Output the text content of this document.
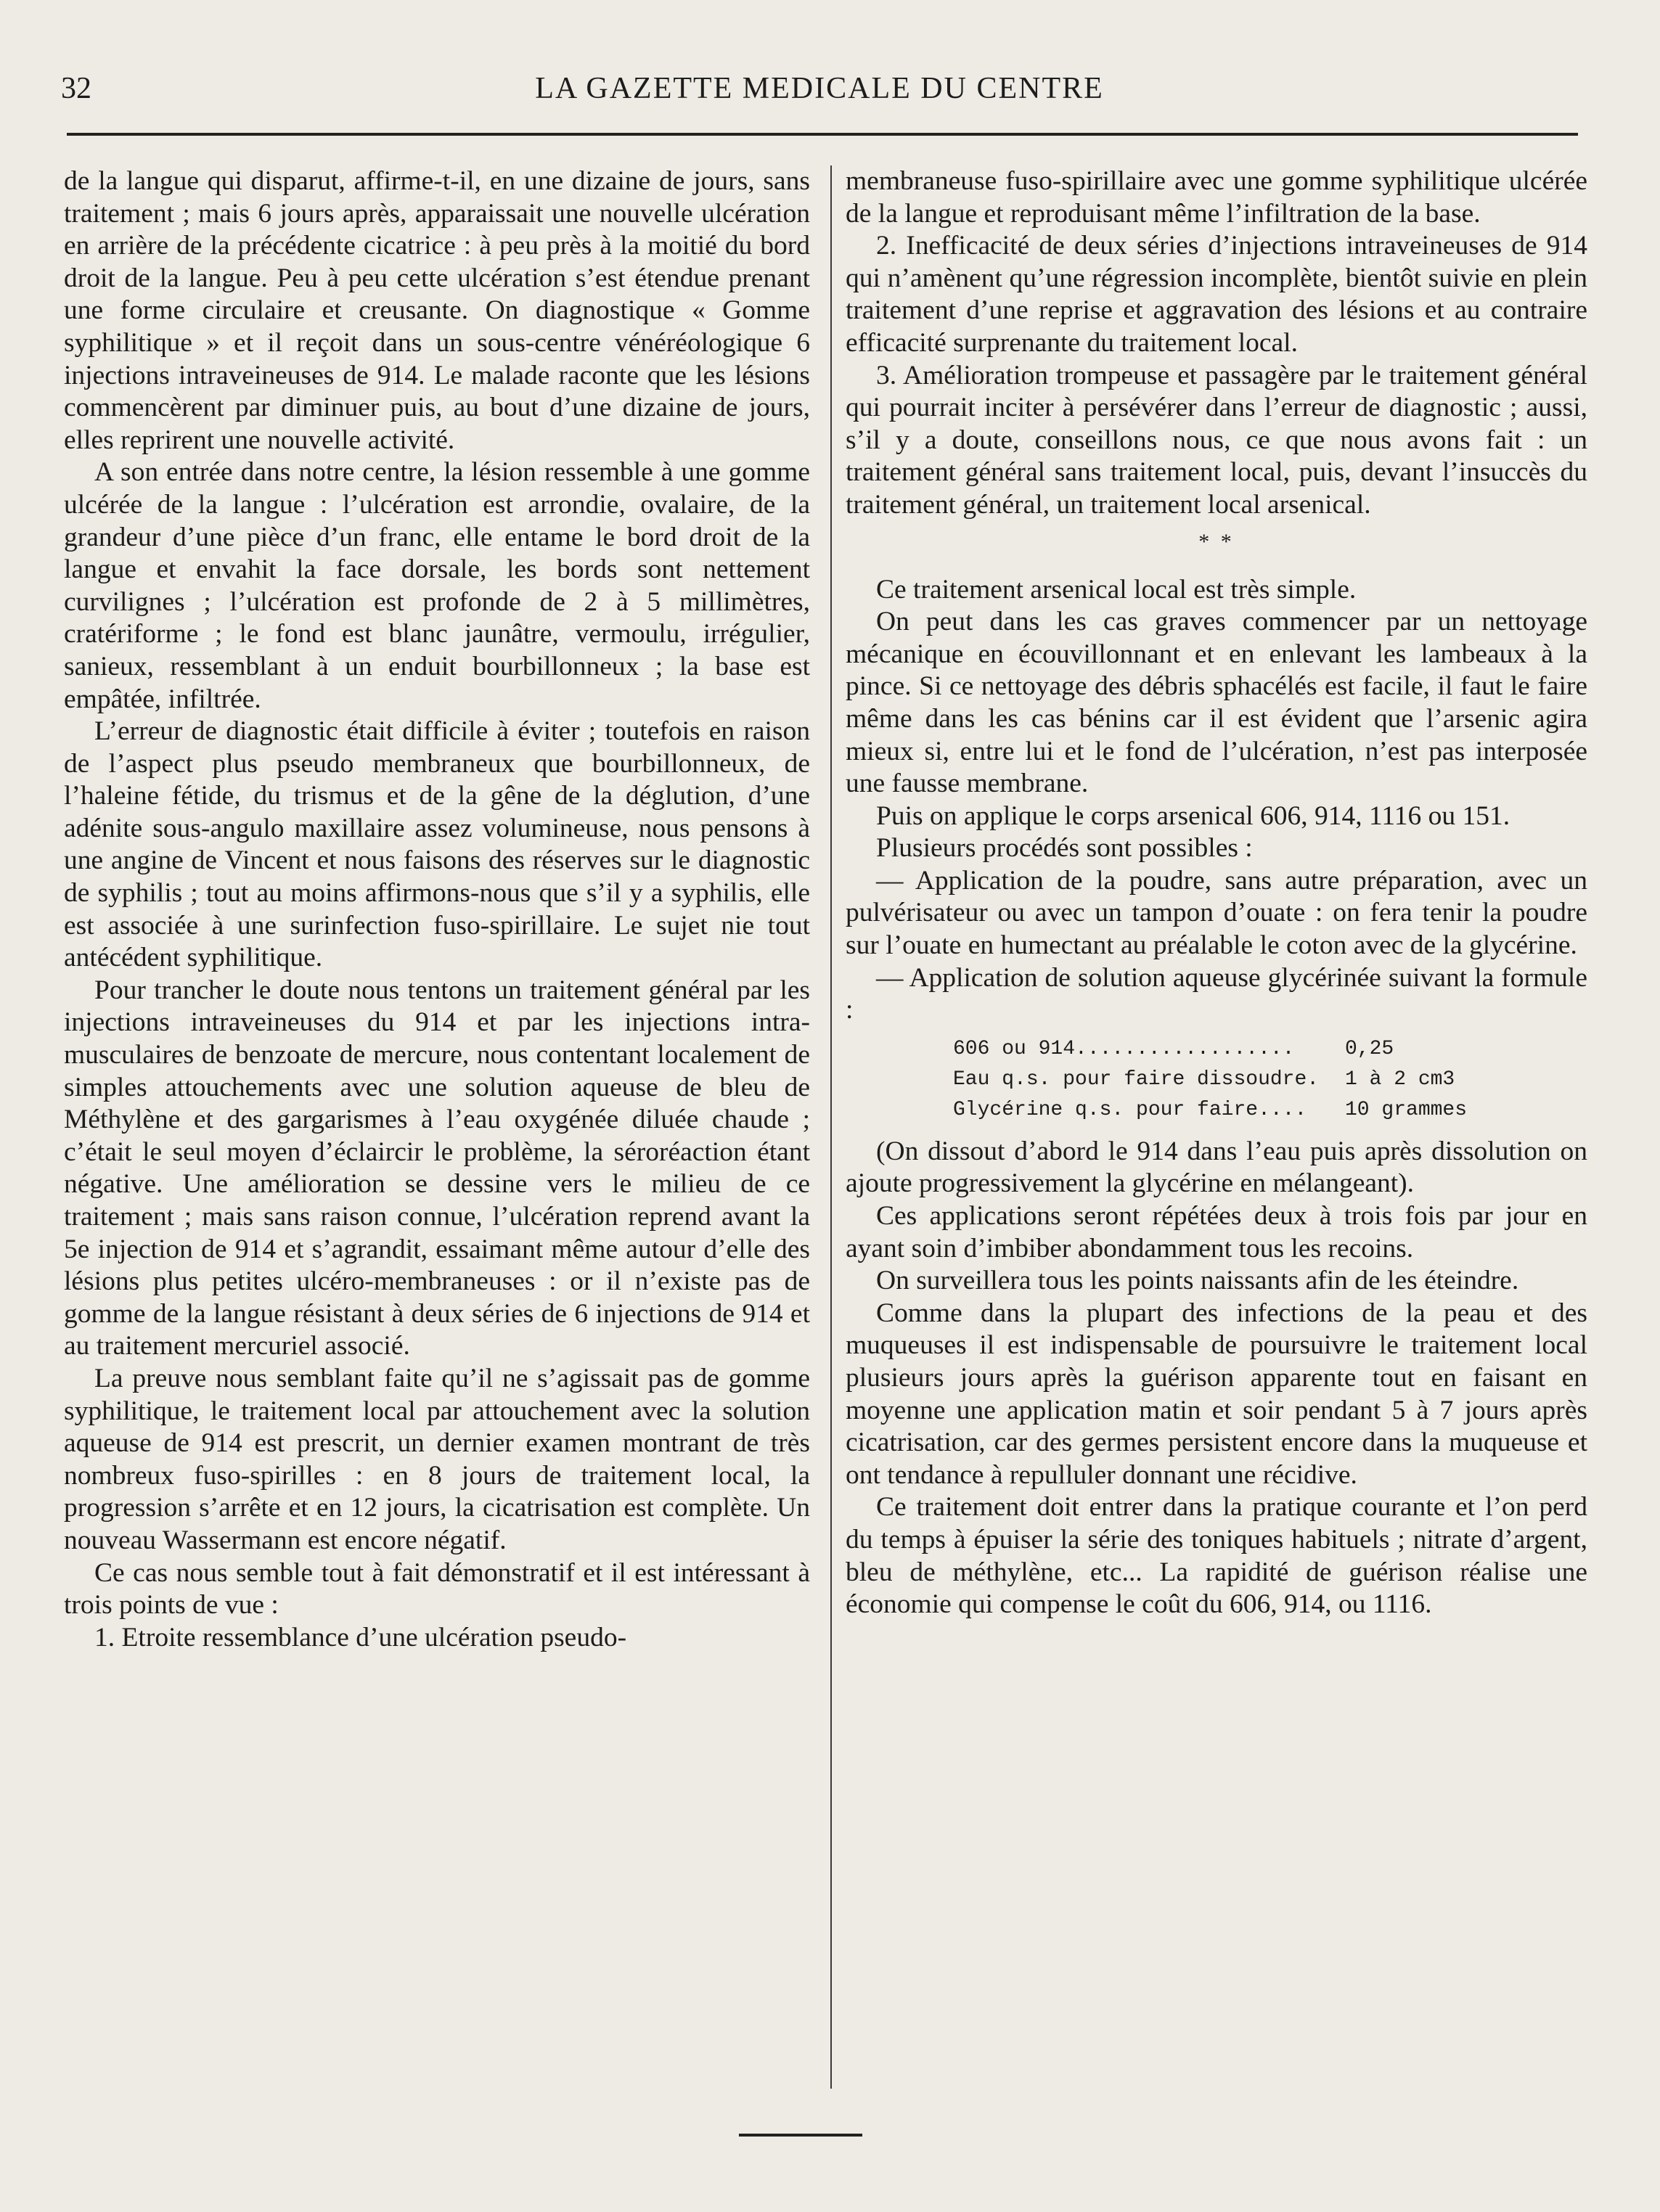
32	LA GAZETTE MEDICALE DU CENTRE

de la langue qui disparut, affirme-t-il, en une dizaine de jours, sans traitement ; mais 6 jours après, apparaissait une nouvelle ulcération en arrière de la précédente cicatrice : à peu près à la moitié du bord droit de la langue. Peu à peu cette ulcération s’est étendue prenant une forme circulaire et creusante. On diagnostique « Gomme syphilitique » et il reçoit dans un sous-centre vénéréologique 6 injections intraveineuses de 914. Le malade raconte que les lésions commencèrent par diminuer puis, au bout d’une dizaine de jours, elles reprirent une nouvelle activité.

A son entrée dans notre centre, la lésion ressemble à une gomme ulcérée de la langue : l’ulcération est arrondie, ovalaire, de la grandeur d’une pièce d’un franc, elle entame le bord droit de la langue et envahit la face dorsale, les bords sont nettement curvilignes ; l’ulcération est profonde de 2 à 5 millimètres, cratériforme ; le fond est blanc jaunâtre, vermoulu, irrégulier, sanieux, ressemblant à un enduit bourbillonneux ; la base est empâtée, infiltrée.

L’erreur de diagnostic était difficile à éviter ; toutefois en raison de l’aspect plus pseudo membraneux que bourbillonneux, de l’haleine fétide, du trismus et de la gêne de la déglution, d’une adénite sous-angulo maxillaire assez volumineuse, nous pensons à une angine de Vincent et nous faisons des réserves sur le diagnostic de syphilis ; tout au moins affirmons-nous que s’il y a syphilis, elle est associée à une surinfection fuso-spirillaire. Le sujet nie tout antécédent syphilitique.

Pour trancher le doute nous tentons un traitement général par les injections intraveineuses du 914 et par les injections intra-musculaires de benzoate de mercure, nous contentant localement de simples attouchements avec une solution aqueuse de bleu de Méthylène et des gargarismes à l’eau oxygénée diluée chaude ; c’était le seul moyen d’éclaircir le problème, la séroréaction étant négative. Une amélioration se dessine vers le milieu de ce traitement ; mais sans raison connue, l’ulcération reprend avant la 5e injection de 914 et s’agrandit, essaimant même autour d’elle des lésions plus petites ulcéro-membraneuses : or il n’existe pas de gomme de la langue résistant à deux séries de 6 injections de 914 et au traitement mercuriel associé.

La preuve nous semblant faite qu’il ne s’agissait pas de gomme syphilitique, le traitement local par attouchement avec la solution aqueuse de 914 est prescrit, un dernier examen montrant de très nombreux fuso-spirilles : en 8 jours de traitement local, la progression s’arrête et en 12 jours, la cicatrisation est complète. Un nouveau Wassermann est encore négatif.

Ce cas nous semble tout à fait démonstratif et il est intéressant à trois points de vue :

1. Etroite ressemblance d’une ulcération pseudo-

membraneuse fuso-spirillaire avec une gomme syphilitique ulcérée de la langue et reproduisant même l’infiltration de la base.

2. Inefficacité de deux séries d’injections intraveineuses de 914 qui n’amènent qu’une régression incomplète, bientôt suivie en plein traitement d’une reprise et aggravation des lésions et au contraire efficacité surprenante du traitement local.

3. Amélioration trompeuse et passagère par le traitement général qui pourrait inciter à persévérer dans l’erreur de diagnostic ; aussi, s’il y a doute, conseillons nous, ce que nous avons fait : un traitement général sans traitement local, puis, devant l’insuccès du traitement général, un traitement local arsenical.

* *

Ce traitement arsenical local est très simple.

On peut dans les cas graves commencer par un nettoyage mécanique en écouvillonnant et en enlevant les lambeaux à la pince. Si ce nettoyage des débris sphacélés est facile, il faut le faire même dans les cas bénins car il est évident que l’arsenic agira mieux si, entre lui et le fond de l’ulcération, n’est pas interposée une fausse membrane.

Puis on applique le corps arsenical 606, 914, 1116 ou 151.

Plusieurs procédés sont possibles :

— Application de la poudre, sans autre préparation, avec un pulvérisateur ou avec un tampon d’ouate : on fera tenir la poudre sur l’ouate en humectant au préalable le coton avec de la glycérine.

— Application de solution aqueuse glycérinée suivant la formule :

606 ou 914..................	0,25
Eau q.s. pour faire dissoudre.	1 à 2 cm3
Glycérine q.s. pour faire....	10 grammes

(On dissout d’abord le 914 dans l’eau puis après dissolution on ajoute progressivement la glycérine en mélangeant).

Ces applications seront répétées deux à trois fois par jour en ayant soin d’imbiber abondamment tous les recoins.

On surveillera tous les points naissants afin de les éteindre.

Comme dans la plupart des infections de la peau et des muqueuses il est indispensable de poursuivre le traitement local plusieurs jours après la guérison apparente tout en faisant en moyenne une application matin et soir pendant 5 à 7 jours après cicatrisation, car des germes persistent encore dans la muqueuse et ont tendance à repulluler donnant une récidive.

Ce traitement doit entrer dans la pratique courante et l’on perd du temps à épuiser la série des toniques habituels ; nitrate d’argent, bleu de méthylène, etc... La rapidité de guérison réalise une économie qui compense le coût du 606, 914, ou 1116.
